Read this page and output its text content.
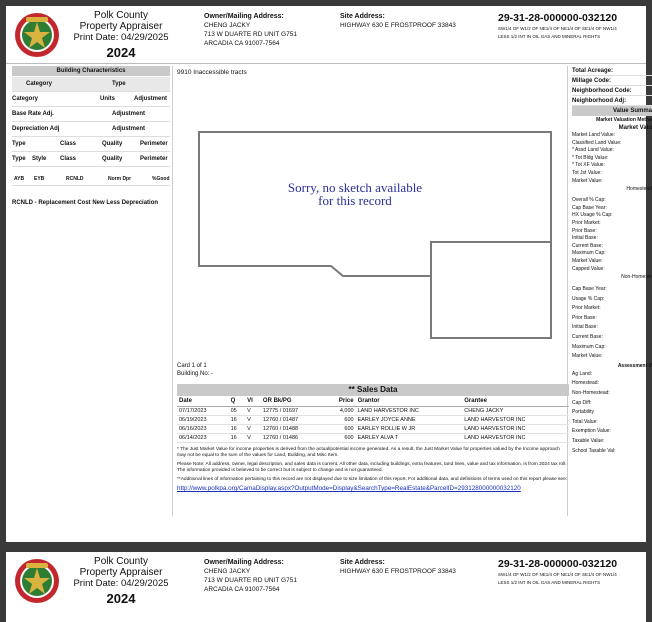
Polk County
Property Appraiser
Print Date: 04/29/2025
2024
Owner/Mailing Address:
CHENG JACKY
713 W DUARTE RD UNIT G751
ARCADIA CA 91007-7564
Site Address:
HIGHWAY 630 E FROSTPROOF 33843
29-31-28-000000-032120
SW1/4 OF W1/2 OF NE1/4 OF NE1/4 OF SE1/4 OF NW1/4
LESS 1/2 INT IN OIL GAS AND MINERAL RIGHTS
Building Characteristics
Category	Type
Category	Units	Adjustment
Base Rate Adj.	Adjustment
Depreciation Adj	Adjustment
Type	Class	Quality	Perimeter
Type Style Class	Quality	Perimeter
AYB EYB	RCNLD	Norm Dpr	%Good
RCNLD - Replacement Cost New Less Depreciation
9910 Inaccessible tracts
Sorry, no sketch available
for this record
Card 1 of 1
Building No: -
** Sales Data
Date	Q	VI	OR Bk/PG	Price	Grantor	Grantee
07/17/2023	05	V	12775 / 01697	4,000	LAND HARVESTOR INC	CHENG JACKY
06/19/2023	16	V	12760 / 01487	600	EARLEY JOYCE ANNE	LAND HARVESTOR INC
06/16/2023	16	V	12760 / 01488	600	EARLEY ROLLIE W JR	LAND HARVESTOR INC
06/14/2023	16	V	12760 / 01486	600	EARLEY ALVA T	LAND HARVESTOR INC

* The Just Market Value for income properties is derived from the actual/potential income generated. As a result, the Just Market Value for properties valued by the Income approach may not be equal to the sum of the values for Land, Building, and Misc Item.

Please Note: All address, owner, legal description, and sales data is current. All other data, including buildings, extra features, land lines, value and tax information, is from 2024 tax roll. The information provided is believed to be correct but is subject to change and is not guaranteed.

**Additional lines of information pertaining to this record are not displayed due to size limitation of this report. For additional data, and definitions of terms used on this report please see:

http://www.polkpa.org/CamaDisplay.aspx?OutputMode=Display&SearchType=RealEstate&ParcelID=293128000000032120
Total Acreage:
Millage Code:
Neighborhood Code:
Neighborhood Adj:
Value Summa
Market Valuation Metho
Market Valu
Market Land Value:
Classified Land Value:
* Assd Land Value:
* Tot Bldg Value:
* Tot XF Value:
Tot Jst Value:
Market Value:
Homestead
Overall % Cap:
Cap Base Year:
HX Usage % Cap:
Prior Market:
Prior Base:
Initial Base:
Current Base:
Maximum Cap:
Market Value:
Capped Value:
Non-Homeste
Cap Base Year:
Usage % Cap:
Prior Market:
Prior Base:
Initial Base:
Current Base:
Maximum Cap:
Market Value:
Assessment V
Ag Land:
Homestead:
Non-Homestead:
Cap Diff:
Portability
Total Value:
Exemption Value:
Taxable Value:
School Taxable Val:
Polk County
Property Appraiser
Print Date: 04/29/2025
2024
Owner/Mailing Address:
CHENG JACKY
713 W DUARTE RD UNIT G751
ARCADIA CA 91007-7564
Site Address:
HIGHWAY 630 E FROSTPROOF 33843
29-31-28-000000-032120
SW1/4 OF W1/2 OF NE1/4 OF NE1/4 OF SE1/4 OF NW1/4
LESS 1/2 INT IN OIL GAS AND MINERAL RIGHTS
